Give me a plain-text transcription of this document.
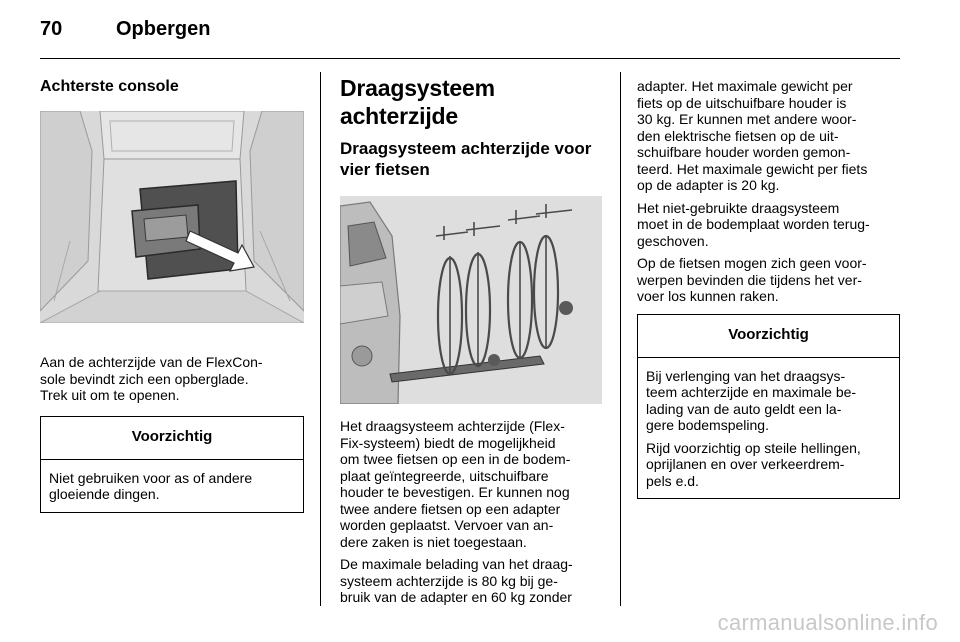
70	Opbergen
Achterste console

Aan de achterzijde van de FlexCon-

sole bevindt zich een opberglade.

Trek uit om te openen.

Voorzichtig

Niet gebruiken voor as of andere

gloeiende dingen.

Draagsysteem achterzijde
Draagsysteem achterzijde voor
vier fietsen

Het draagsysteem achterzijde (Flex-

Fix-systeem) biedt de mogelijkheid

om twee fietsen op een in de bodem-

plaat geïntegreerde, uitschuifbare

houder te bevestigen. Er kunnen nog

twee andere fietsen op een adapter

worden geplaatst. Vervoer van an-

dere zaken is niet toegestaan.

De maximale belading van het draag-

systeem achterzijde is 80 kg bij ge-

bruik van de adapter en 60 kg zonder

adapter. Het maximale gewicht per

fiets op de uitschuifbare houder is

30 kg. Er kunnen met andere woor-

den elektrische fietsen op de uit-

schuifbare houder worden gemon-

teerd. Het maximale gewicht per fiets

op de adapter is 20 kg.

Het niet-gebruikte draagsysteem

moet in de bodemplaat worden terug-

geschoven.

Op de fietsen mogen zich geen voor-

werpen bevinden die tijdens het ver-

voer los kunnen raken.

Voorzichtig

Bij verlenging van het draagsys-

teem achterzijde en maximale be-

lading van de auto geldt een la-

gere bodemspeling.

Rijd voorzichtig op steile hellingen,

oprijlanen en over verkeerdrem-

pels e.d.

carmanualsonline.info
